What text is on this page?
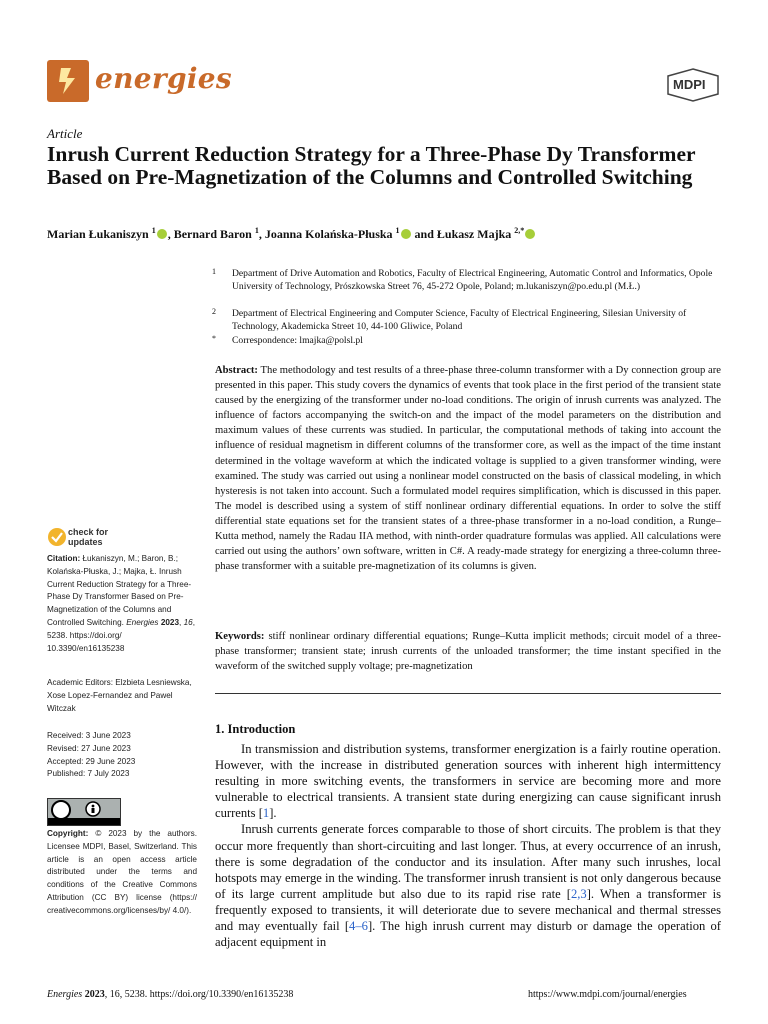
energies	MDPI
Article
Inrush Current Reduction Strategy for a Three-Phase Dy Transformer Based on Pre-Magnetization of the Columns and Controlled Switching
Marian Łukaniszyn $^1$ , Bernard Baron $^1$, Joanna Kolańska-Płuska $^1$ and Łukasz Majka $^{2,*}$
1	Department of Drive Automation and Robotics, Faculty of Electrical Engineering, Automatic Control and Informatics, Opole University of Technology, Prószkowska Street 76, 45-272 Opole, Poland; m.lukaniszyn@po.edu.pl (M.Ł.)
2	Department of Electrical Engineering and Computer Science, Faculty of Electrical Engineering, Silesian University of Technology, Akademicka Street 10, 44-100 Gliwice, Poland
*	Correspondence: lmajka@polsl.pl
Abstract: The methodology and test results of a three-phase three-column transformer with a Dy connection group are presented in this paper. This study covers the dynamics of events that took place in the first period of the transient state caused by the energizing of the transformer under no-load conditions. The origin of inrush currents was analyzed. The influence of factors accompanying the switch-on and the impact of the model parameters on the distribution and maximum values of these currents was studied. In particular, the computational methods of taking into account the influence of residual magnetism in different columns of the transformer core, as well as the impact of the time instant determined in the voltage waveform at which the indicated voltage is supplied to a given transformer winding, were examined. The study was carried out using a nonlinear model constructed on the basis of classical modeling, in which hysteresis is not taken into account. Such a formulated model requires simplification, which is discussed in this paper. The model is described using a system of stiff nonlinear ordinary differential equations. In order to solve the stiff differential state equations set for the transient states of a three-phase transformer in a no-load condition, a Runge–Kutta method, namely the Radau IIA method, with ninth-order quadrature formulas was applied. All calculations were carried out using the authors’ own software, written in C#. A ready-made strategy for energizing a three-column three-phase transformer with a suitable pre-magnetization of its columns is given.
Keywords: stiff nonlinear ordinary differential equations; Runge–Kutta implicit methods; circuit model of a three-phase transformer; transient state; inrush currents of the unloaded transformer; the time instant specified in the waveform of the switched supply voltage; pre-magnetization
check for
updates
Citation: Łukaniszyn, M.; Baron, B.; Kolańska-Płuska, J.; Majka, Ł. Inrush Current Reduction Strategy for a Three-Phase Dy Transformer Based on Pre-Magnetization of the Columns and Controlled Switching. Energies 2023, 16, 5238. https://doi.org/ 10.3390/en16135238
Academic Editors: Elzbieta Lesniewska, Xose Lopez-Fernandez and Pawel Witczak
Received: 3 June 2023
Revised: 27 June 2023
Accepted: 29 June 2023
Published: 7 July 2023
Copyright: © 2023 by the authors. Licensee MDPI, Basel, Switzerland. This article is an open access article distributed under the terms and conditions of the Creative Commons Attribution (CC BY) license (https:// creativecommons.org/licenses/by/ 4.0/).
1. Introduction

In transmission and distribution systems, transformer energization is a fairly routine operation. However, with the increase in distributed generation sources with inherent high intermittency resulting in more switching events, the transformers in service are becoming more and more vulnerable to electrical transients. A transient state during energizing can cause significant inrush currents [1].

Inrush currents generate forces comparable to those of short circuits. The problem is that they occur more frequently than short-circuiting and last longer. Thus, at every occurrence of an inrush, there is some degradation of the conductor and its insulation. After many such inrushes, local hotspots may emerge in the winding. The transformer inrush transient is not only dangerous because of its large current amplitude but also due to its rapid rise rate [2,3]. When a transformer is frequently exposed to transients, it will deteriorate due to severe mechanical and thermal stresses and may eventually fail [4–6]. The high inrush current may disturb or damage the operation of adjacent equipment in

Energies 2023, 16, 5238. https://doi.org/10.3390/en16135238	https://www.mdpi.com/journal/energies
